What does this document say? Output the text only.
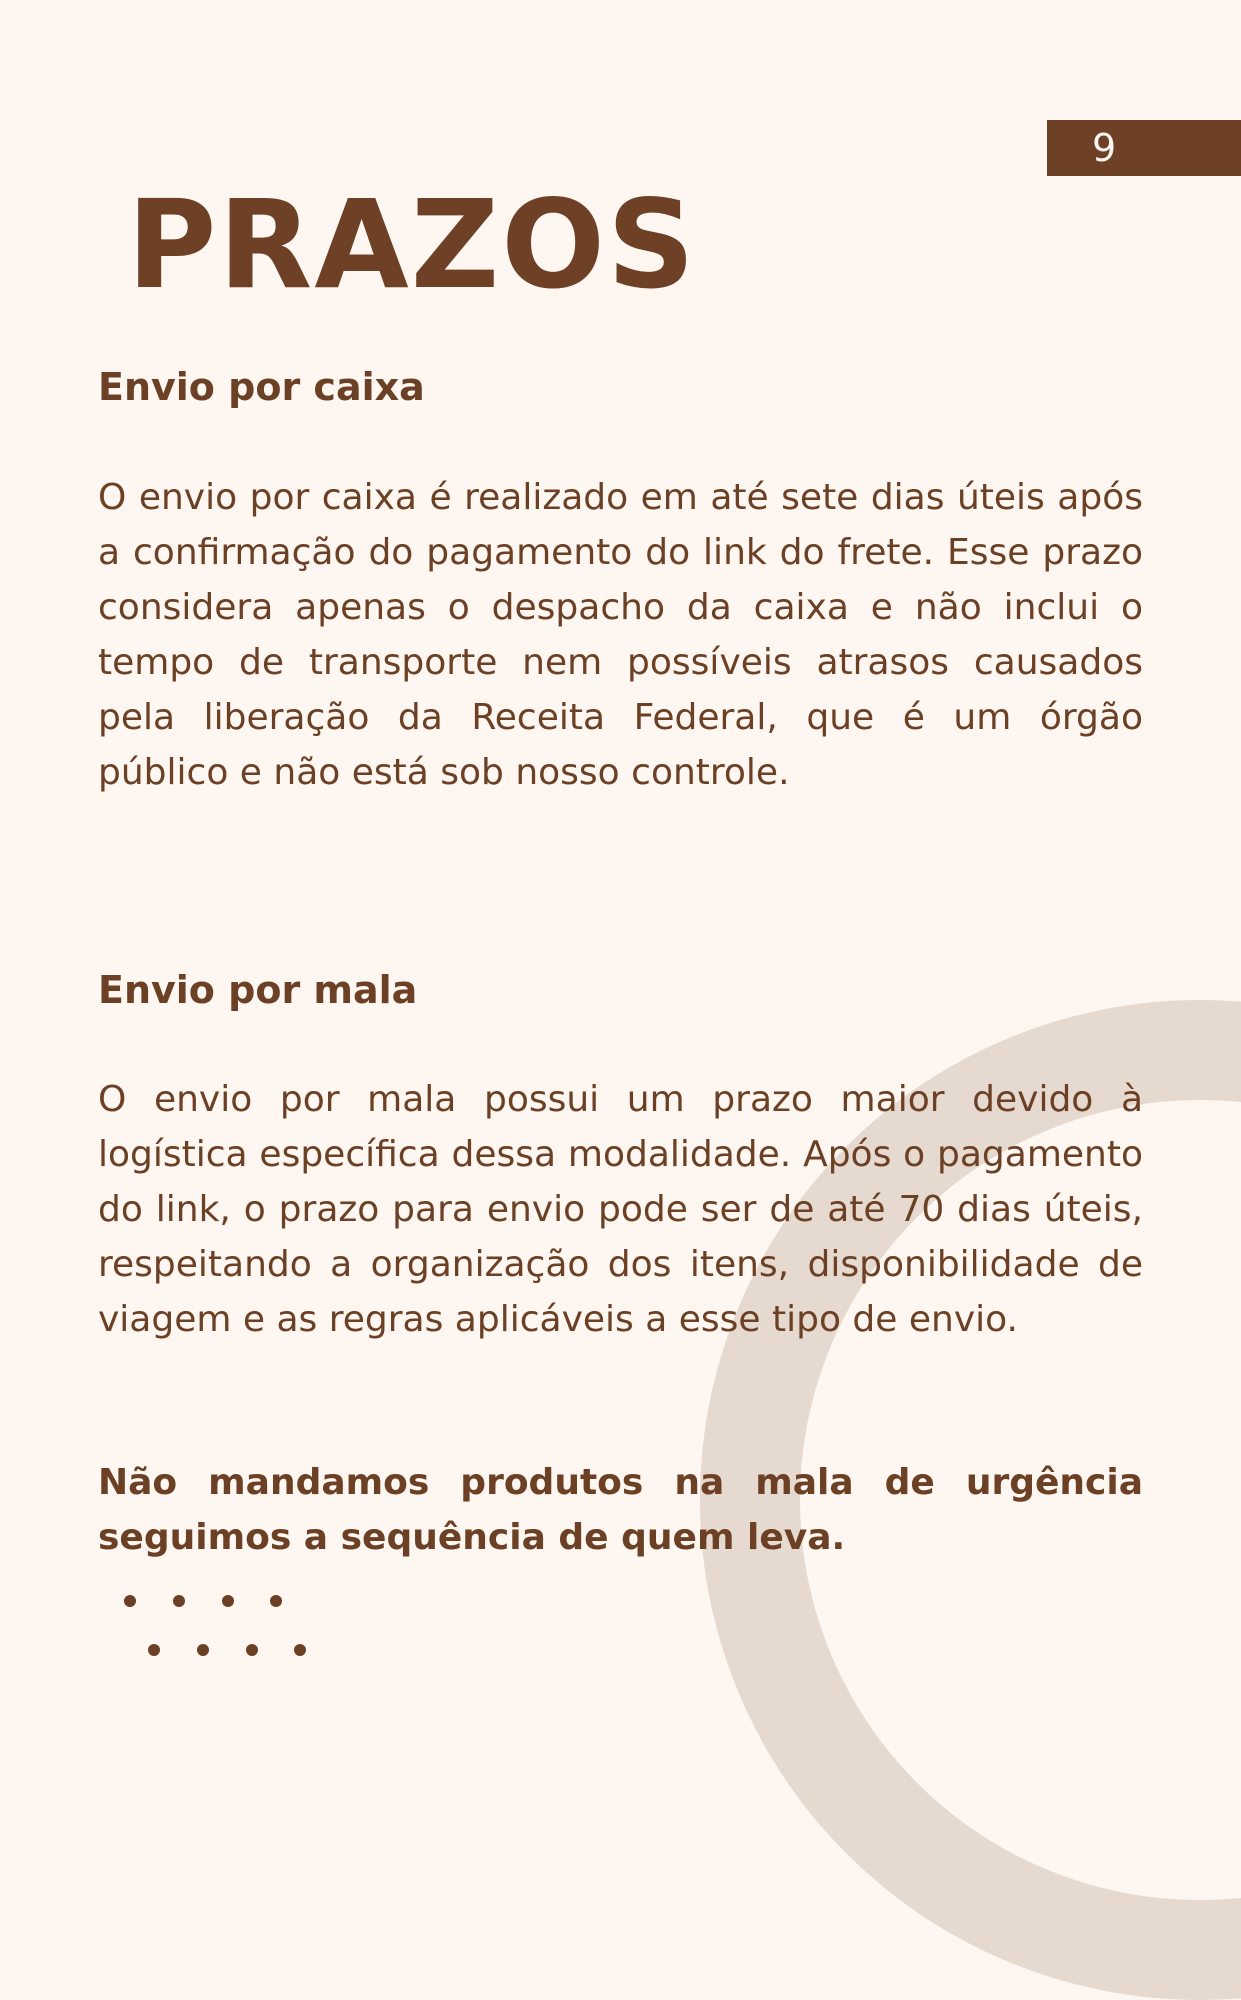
9
PRAZOS
Envio por caixa

O envio por caixa é realizado em até sete dias úteis após a confirmação do pagamento do link do frete. Esse prazo considera apenas o despacho da caixa e não inclui o tempo de transporte nem possíveis atrasos causados pela liberação da Receita Federal, que é um órgão público e não está sob nosso controle.

Envio por mala

O envio por mala possui um prazo maior devido à logística específica dessa modalidade. Após o pagamento do link, o prazo para envio pode ser de até 70 dias úteis, respeitando a organização dos itens, disponibilidade de viagem e as regras aplicáveis a esse tipo de envio.

Não mandamos produtos na mala de urgência seguimos a sequência de quem leva.
